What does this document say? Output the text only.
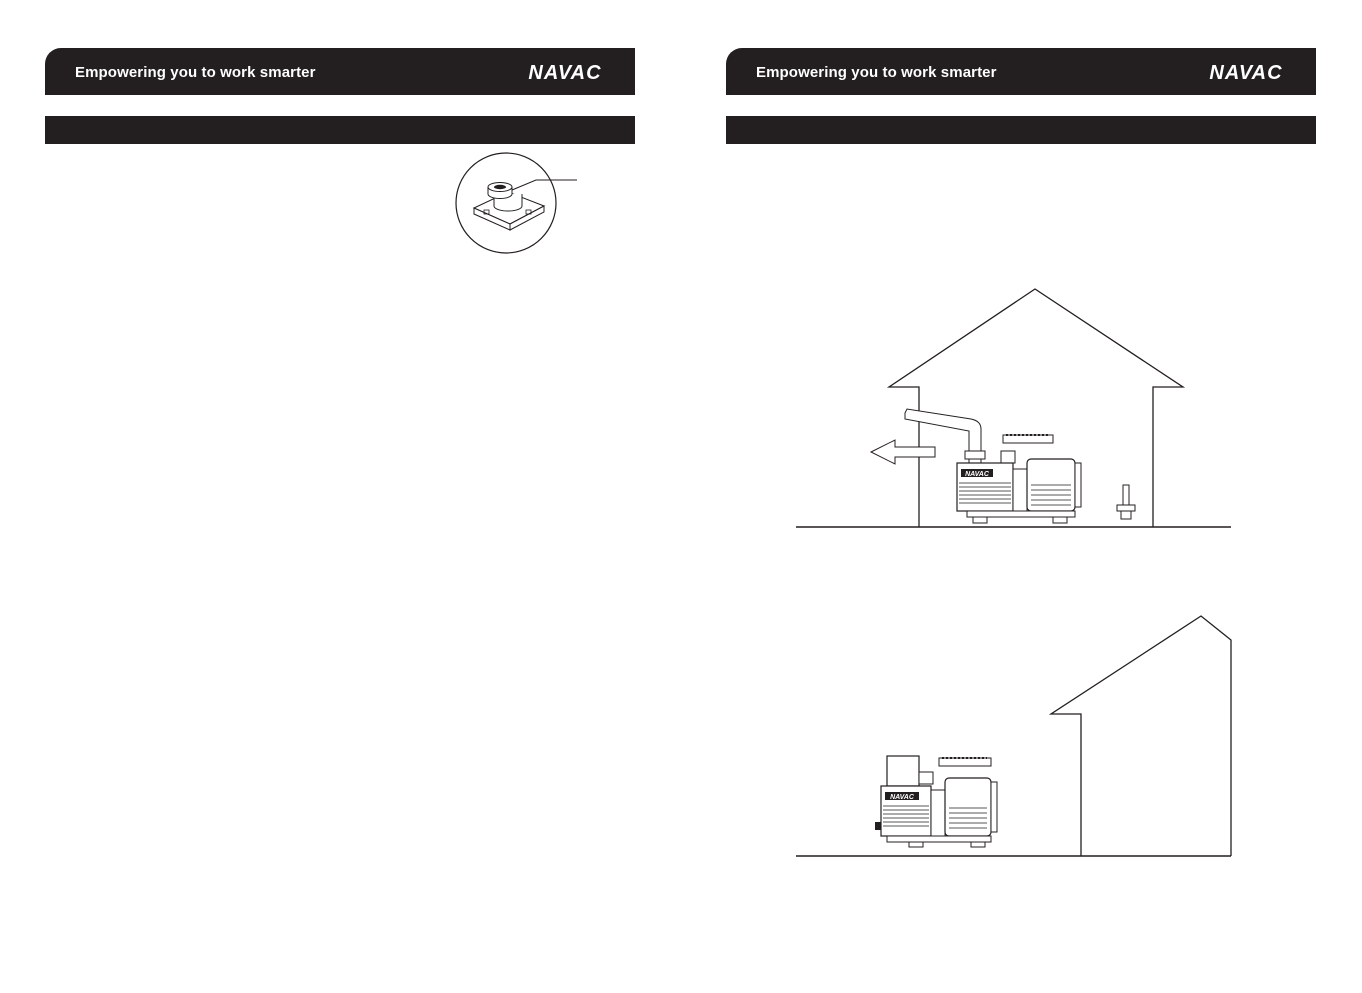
Empowering you to work smarter	NAVAC	Empowering you to work smarter	NAVAC
NAVAC
NAVAC
